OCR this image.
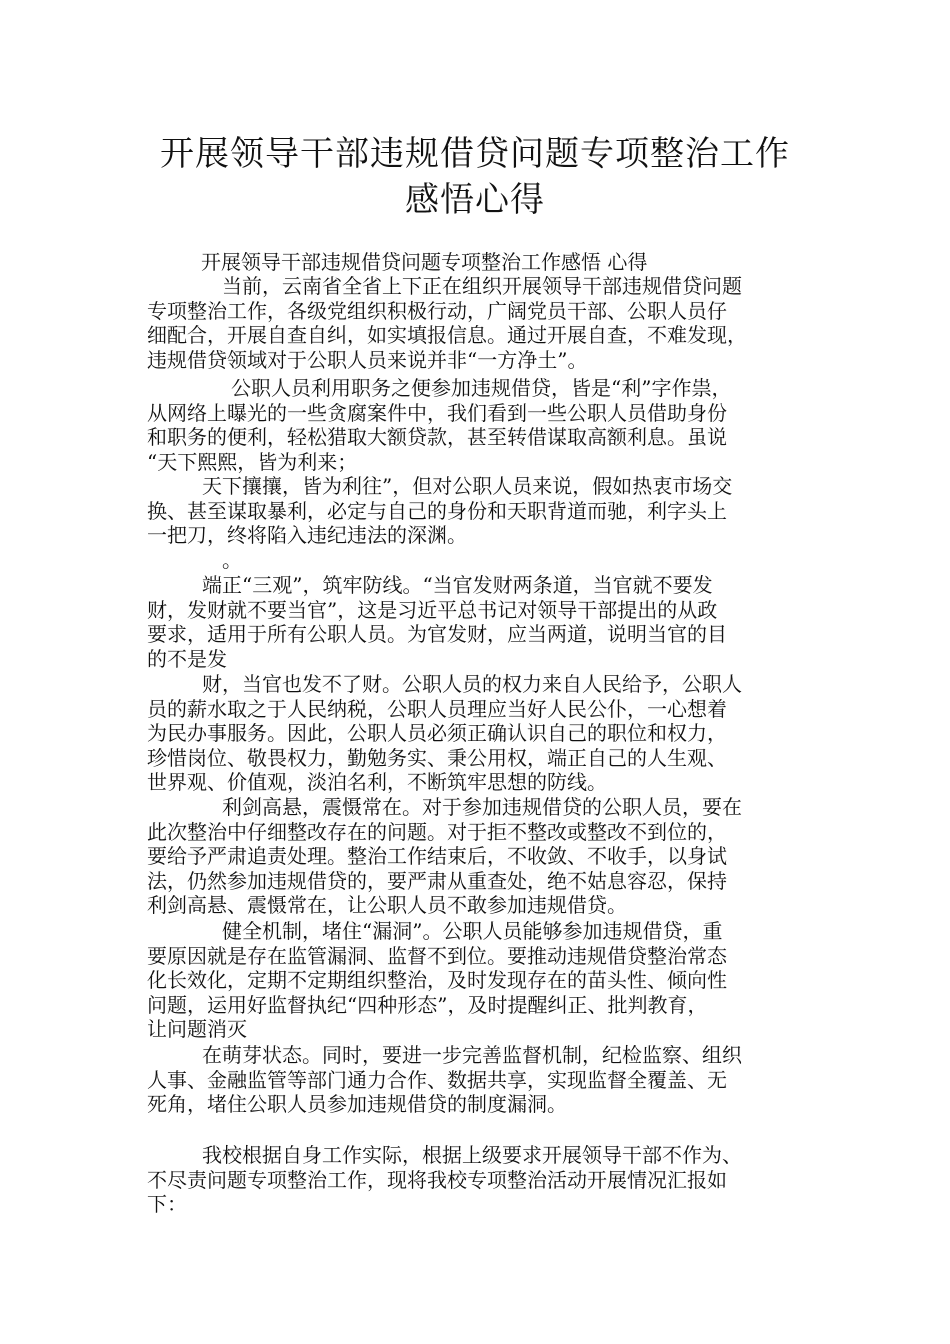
开展领导干部违规借贷问题专项整治工作
感悟心得
开展领导干部违规借贷问题专项整治工作感悟 心得
　当前，云南省全省上下正在组织开展领导干部违规借贷问题
专项整治工作，各级党组织积极行动，广阔党员干部、公职人员仔
细配合，开展自查自纠，如实填报信息。通过开展自查，不难发现，
违规借贷领域对于公职人员来说并非“一方净土”。
　公职人员利用职务之便参加违规借贷，皆是“利”字作祟，
从网络上曝光的一些贪腐案件中，我们看到一些公职人员借助身份
和职务的便利，轻松猎取大额贷款，甚至转借谋取高额利息。虽说
“天下熙熙，皆为利来；
天下攘攘，皆为利往”，但对公职人员来说，假如热衷市场交
换、甚至谋取暴利，必定与自己的身份和天职背道而驰，利字头上
一把刀，终将陷入违纪违法的深渊。
　。
端正“三观”，筑牢防线。“当官发财两条道，当官就不要发
财，发财就不要当官”，这是习近平总书记对领导干部提出的从政
要求，适用于所有公职人员。为官发财，应当两道，说明当官的目
的不是发
财，当官也发不了财。公职人员的权力来自人民给予，公职人
员的薪水取之于人民纳税，公职人员理应当好人民公仆，一心想着
为民办事服务。因此，公职人员必须正确认识自己的职位和权力，
珍惜岗位、敬畏权力，勤勉务实、秉公用权，端正自己的人生观、
世界观、价值观，淡泊名利，不断筑牢思想的防线。
　利剑高悬，震慑常在。对于参加违规借贷的公职人员，要在
此次整治中仔细整改存在的问题。对于拒不整改或整改不到位的，
要给予严肃追责处理。整治工作结束后，不收敛、不收手，以身试
法，仍然参加违规借贷的，要严肃从重查处，绝不姑息容忍，保持
利剑高悬、震慑常在，让公职人员不敢参加违规借贷。
　健全机制，堵住“漏洞”。公职人员能够参加违规借贷，重
要原因就是存在监管漏洞、监督不到位。要推动违规借贷整治常态
化长效化，定期不定期组织整治，及时发现存在的苗头性、倾向性
问题，运用好监督执纪“四种形态”，及时提醒纠正、批判教育，
让问题消灭
在萌芽状态。同时，要进一步完善监督机制，纪检监察、组织
人事、金融监管等部门通力合作、数据共享，实现监督全覆盖、无
死角，堵住公职人员参加违规借贷的制度漏洞。
我校根据自身工作实际，根据上级要求开展领导干部不作为、
不尽责问题专项整治工作，现将我校专项整治活动开展情况汇报如
下：
